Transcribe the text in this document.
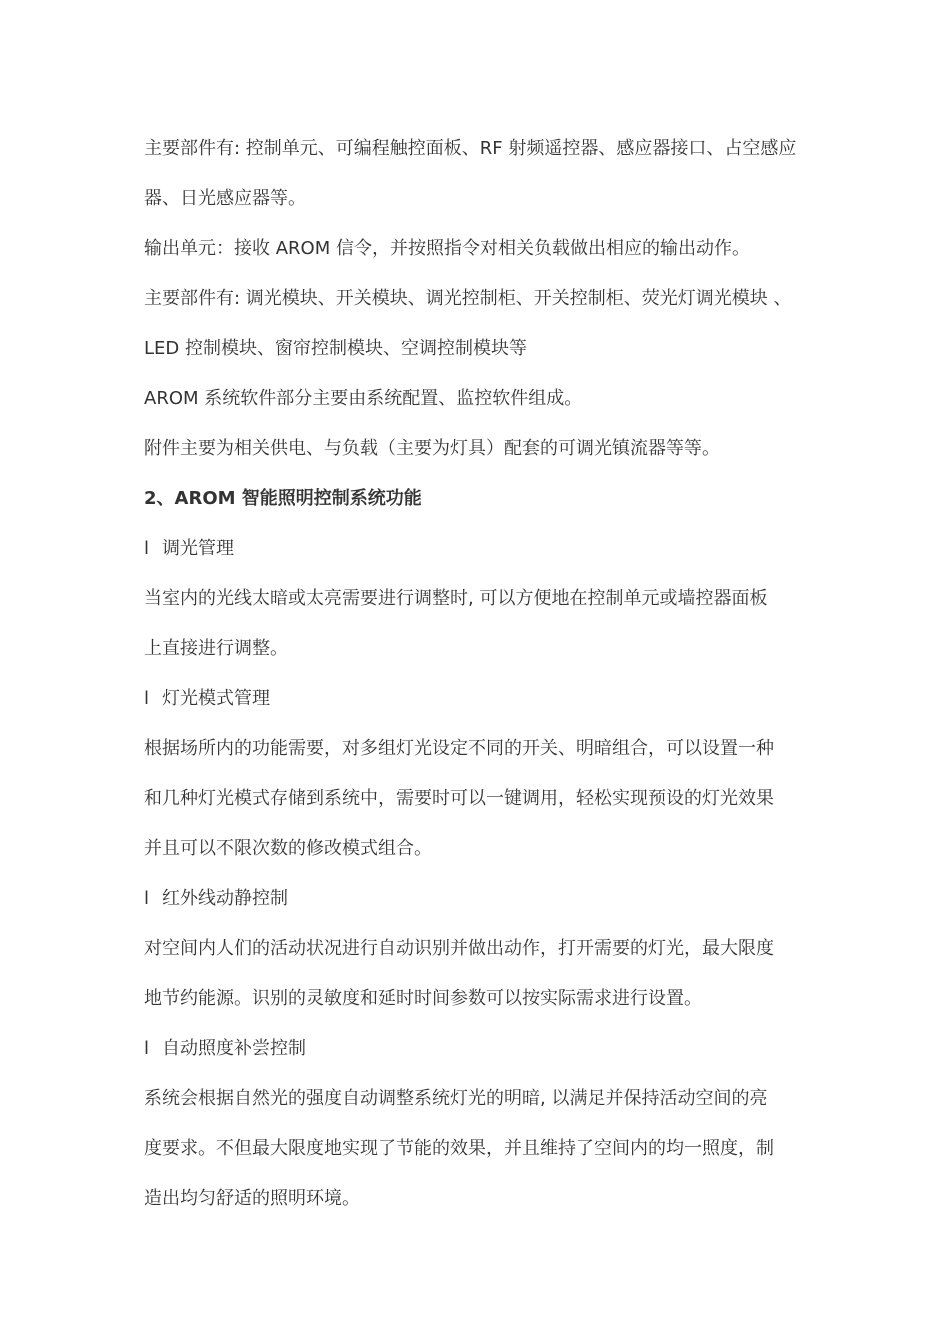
主要部件有: 控制单元、可编程触控面板、RF 射频遥控器、感应器接口、占空感应
器、日光感应器等。
输出单元：接收 AROM 信令，并按照指令对相关负载做出相应的输出动作。
主要部件有: 调光模块、开关模块、调光控制柜、开关控制柜、荧光灯调光模块 、
LED 控制模块、窗帘控制模块、空调控制模块等
AROM 系统软件部分主要由系统配置、监控软件组成。
附件主要为相关供电、与负载（主要为灯具）配套的可调光镇流器等等。
2、AROM 智能照明控制系统功能
l 调光管理
当室内的光线太暗或太亮需要进行调整时, 可以方便地在控制单元或墙控器面板
上直接进行调整。
l 灯光模式管理
根据场所内的功能需要，对多组灯光设定不同的开关、明暗组合，可以设置一种
和几种灯光模式存储到系统中，需要时可以一键调用，轻松实现预设的灯光效果
并且可以不限次数的修改模式组合。
l 红外线动静控制
对空间内人们的活动状况进行自动识别并做出动作，打开需要的灯光，最大限度
地节约能源。识别的灵敏度和延时时间参数可以按实际需求进行设置。
l 自动照度补尝控制
系统会根据自然光的强度自动调整系统灯光的明暗, 以满足并保持活动空间的亮
度要求。不但最大限度地实现了节能的效果，并且维持了空间内的均一照度，制
造出均匀舒适的照明环境。
